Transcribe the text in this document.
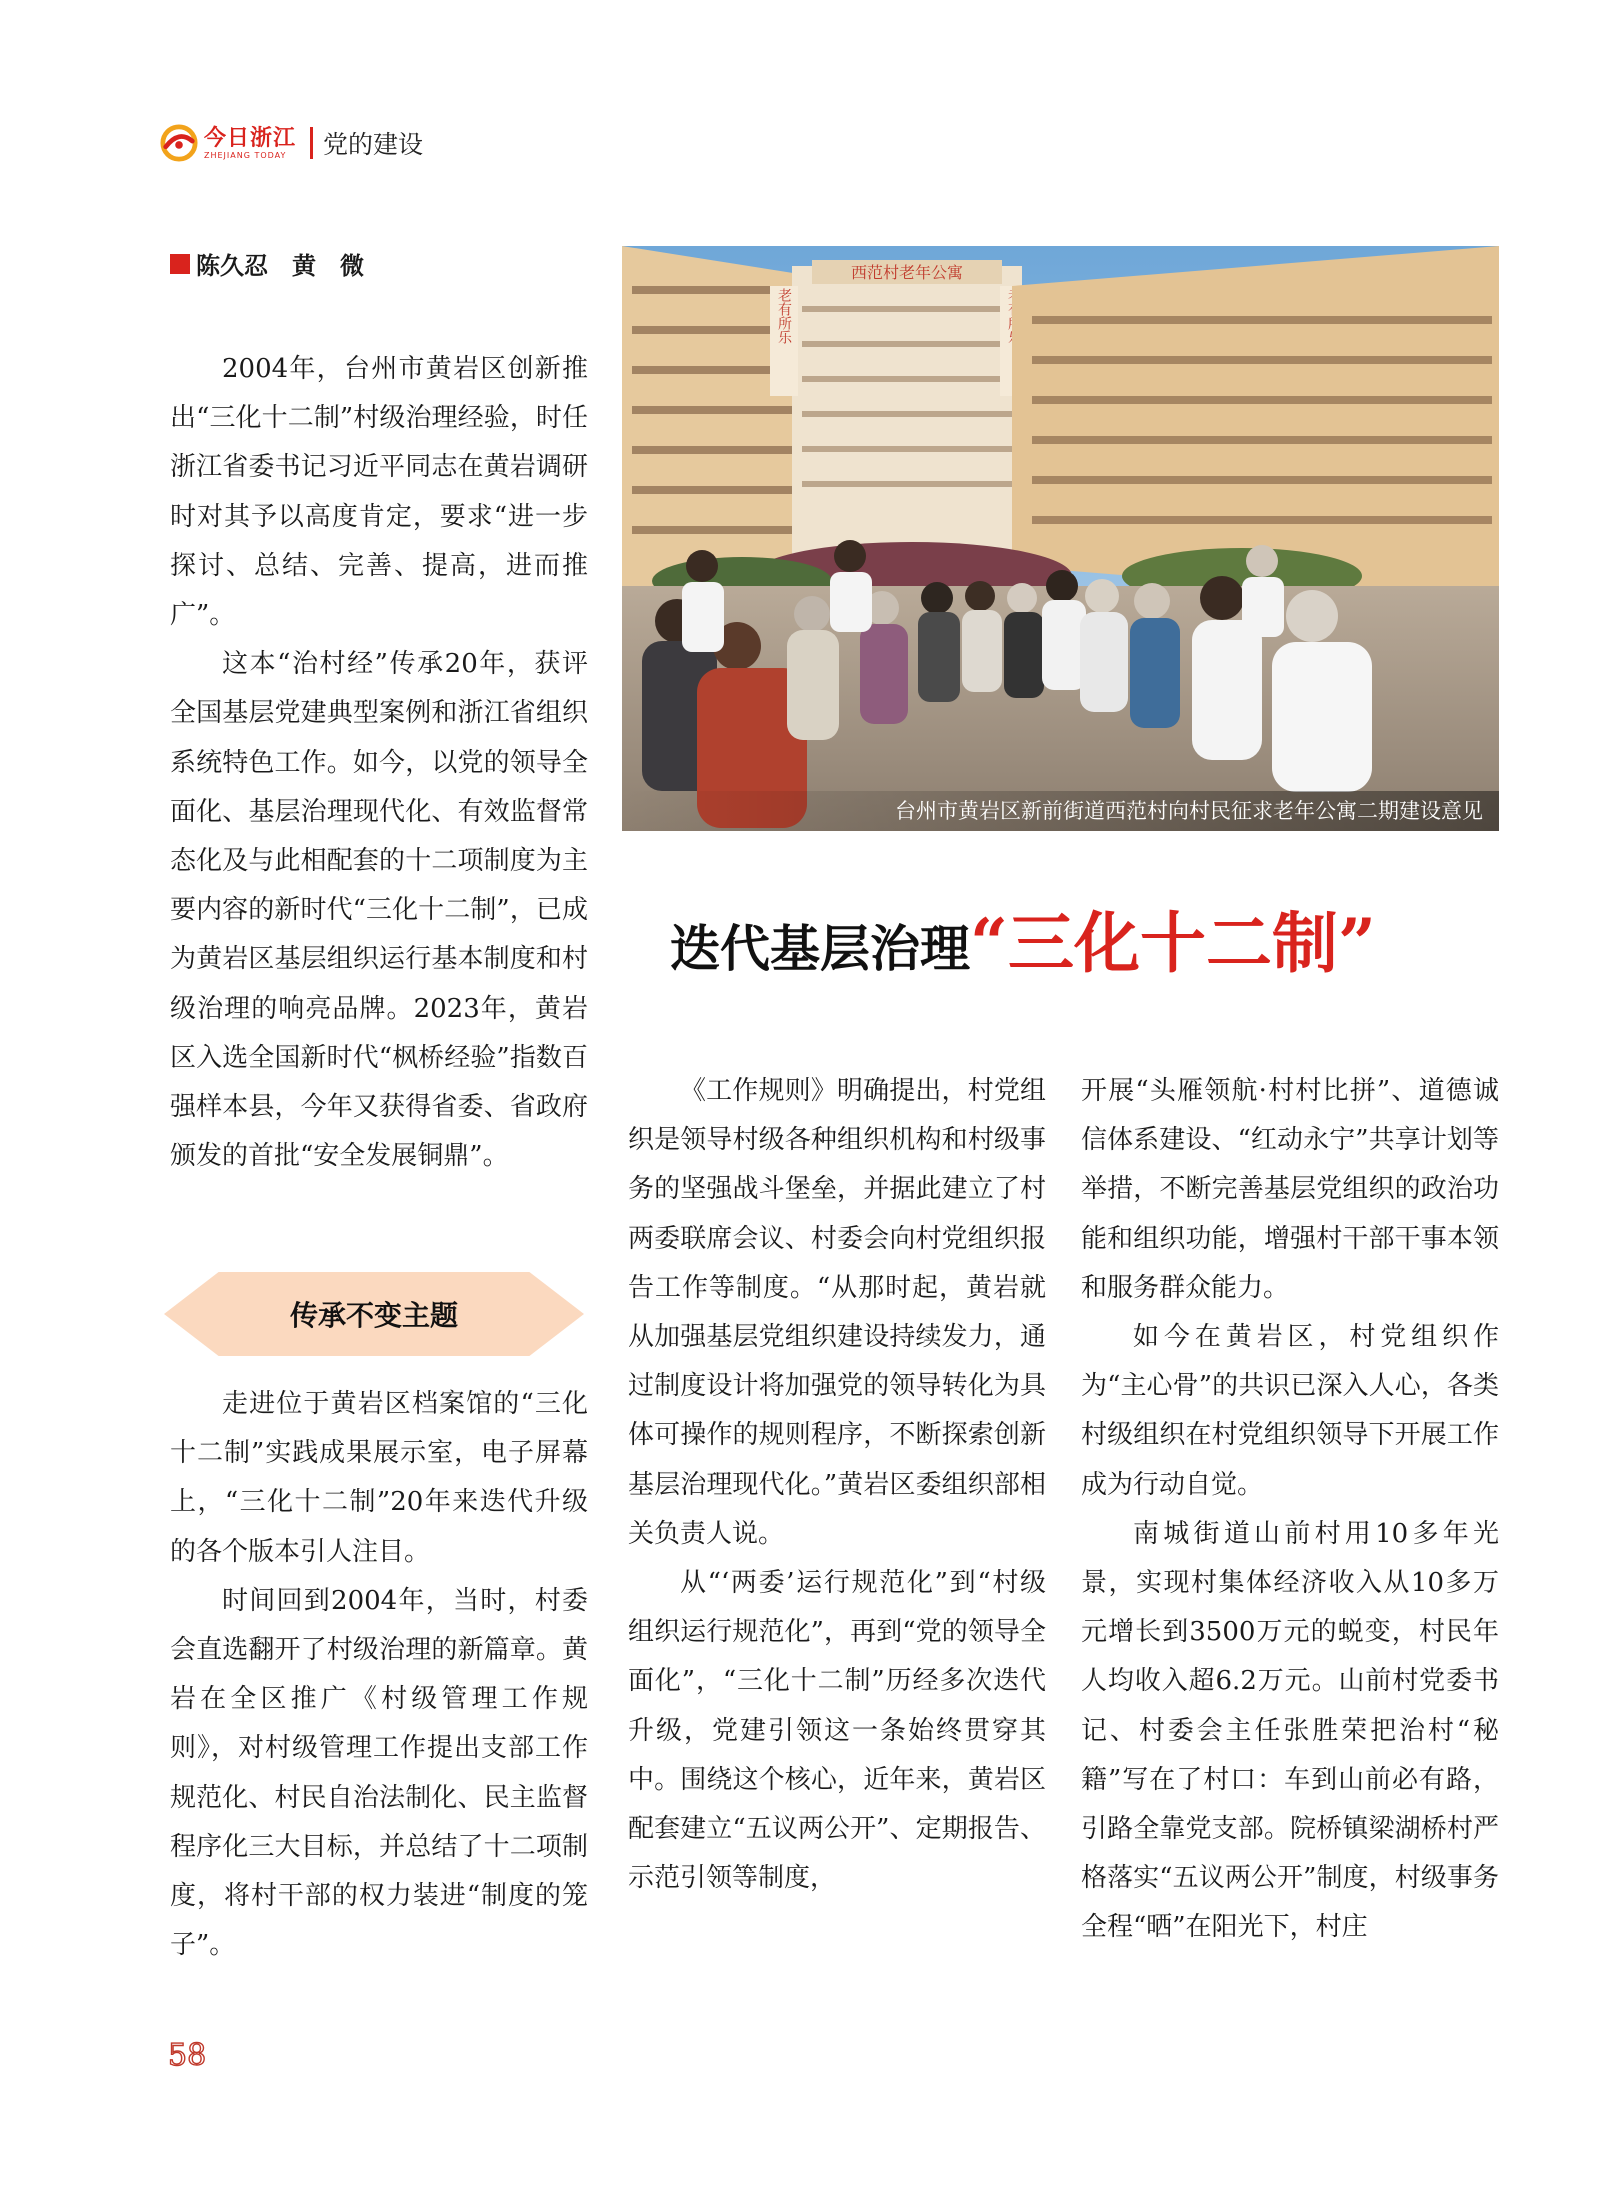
今日浙江
ZHEJIANG TODAY	党的建设
陈久忍　黄　微	西范村老年公寓
老有所乐
台州市黄岩区新前街道西范村向村民征求老年公寓二期建设意见
迭代基层治理“三化十二制”

2004年，台州市黄岩区创新推出“三化十二制”村级治理经验，时任浙江省委书记习近平同志在黄岩调研时对其予以高度肯定，要求“进一步探讨、总结、完善、提高，进而推广”。

这本“治村经”传承20年，获评全国基层党建典型案例和浙江省组织系统特色工作。如今，以党的领导全面化、基层治理现代化、有效监督常态化及与此相配套的十二项制度为主要内容的新时代“三化十二制”，已成为黄岩区基层组织运行基本制度和村级治理的响亮品牌。2023年，黄岩区入选全国新时代“枫桥经验”指数百强样本县，今年又获得省委、省政府颁发的首批“安全发展铜鼎”。

传承不变主题

走进位于黄岩区档案馆的“三化十二制”实践成果展示室，电子屏幕上，“三化十二制”20年来迭代升级的各个版本引人注目。

时间回到2004年，当时，村委会直选翻开了村级治理的新篇章。黄岩在全区推广《村级管理工作规则》，对村级管理工作提出支部工作规范化、村民自治法制化、民主监督程序化三大目标，并总结了十二项制度，将村干部的权力装进“制度的笼子”。

《工作规则》明确提出，村党组织是领导村级各种组织机构和村级事务的坚强战斗堡垒，并据此建立了村两委联席会议、村委会向村党组织报告工作等制度。“从那时起，黄岩就从加强基层党组织建设持续发力，通过制度设计将加强党的领导转化为具体可操作的规则程序，不断探索创新基层治理现代化。”黄岩区委组织部相关负责人说。

从“‘两委’运行规范化”到“村级组织运行规范化”，再到“党的领导全面化”，“三化十二制”历经多次迭代升级，党建引领这一条始终贯穿其中。围绕这个核心，近年来，黄岩区配套建立“五议两公开”、定期报告、示范引领等制度，

开展“头雁领航·村村比拼”、道德诚信体系建设、“红动永宁”共享计划等举措，不断完善基层党组织的政治功能和组织功能，增强村干部干事本领和服务群众能力。

如今在黄岩区，村党组织作为“主心骨”的共识已深入人心，各类村级组织在村党组织领导下开展工作成为行动自觉。

南城街道山前村用10多年光景，实现村集体经济收入从10多万元增长到3500万元的蜕变，村民年人均收入超6.2万元。山前村党委书记、村委会主任张胜荣把治村“秘籍”写在了村口：车到山前必有路，引路全靠党支部。院桥镇梁湖桥村严格落实“五议两公开”制度，村级事务全程“晒”在阳光下，村庄

58
